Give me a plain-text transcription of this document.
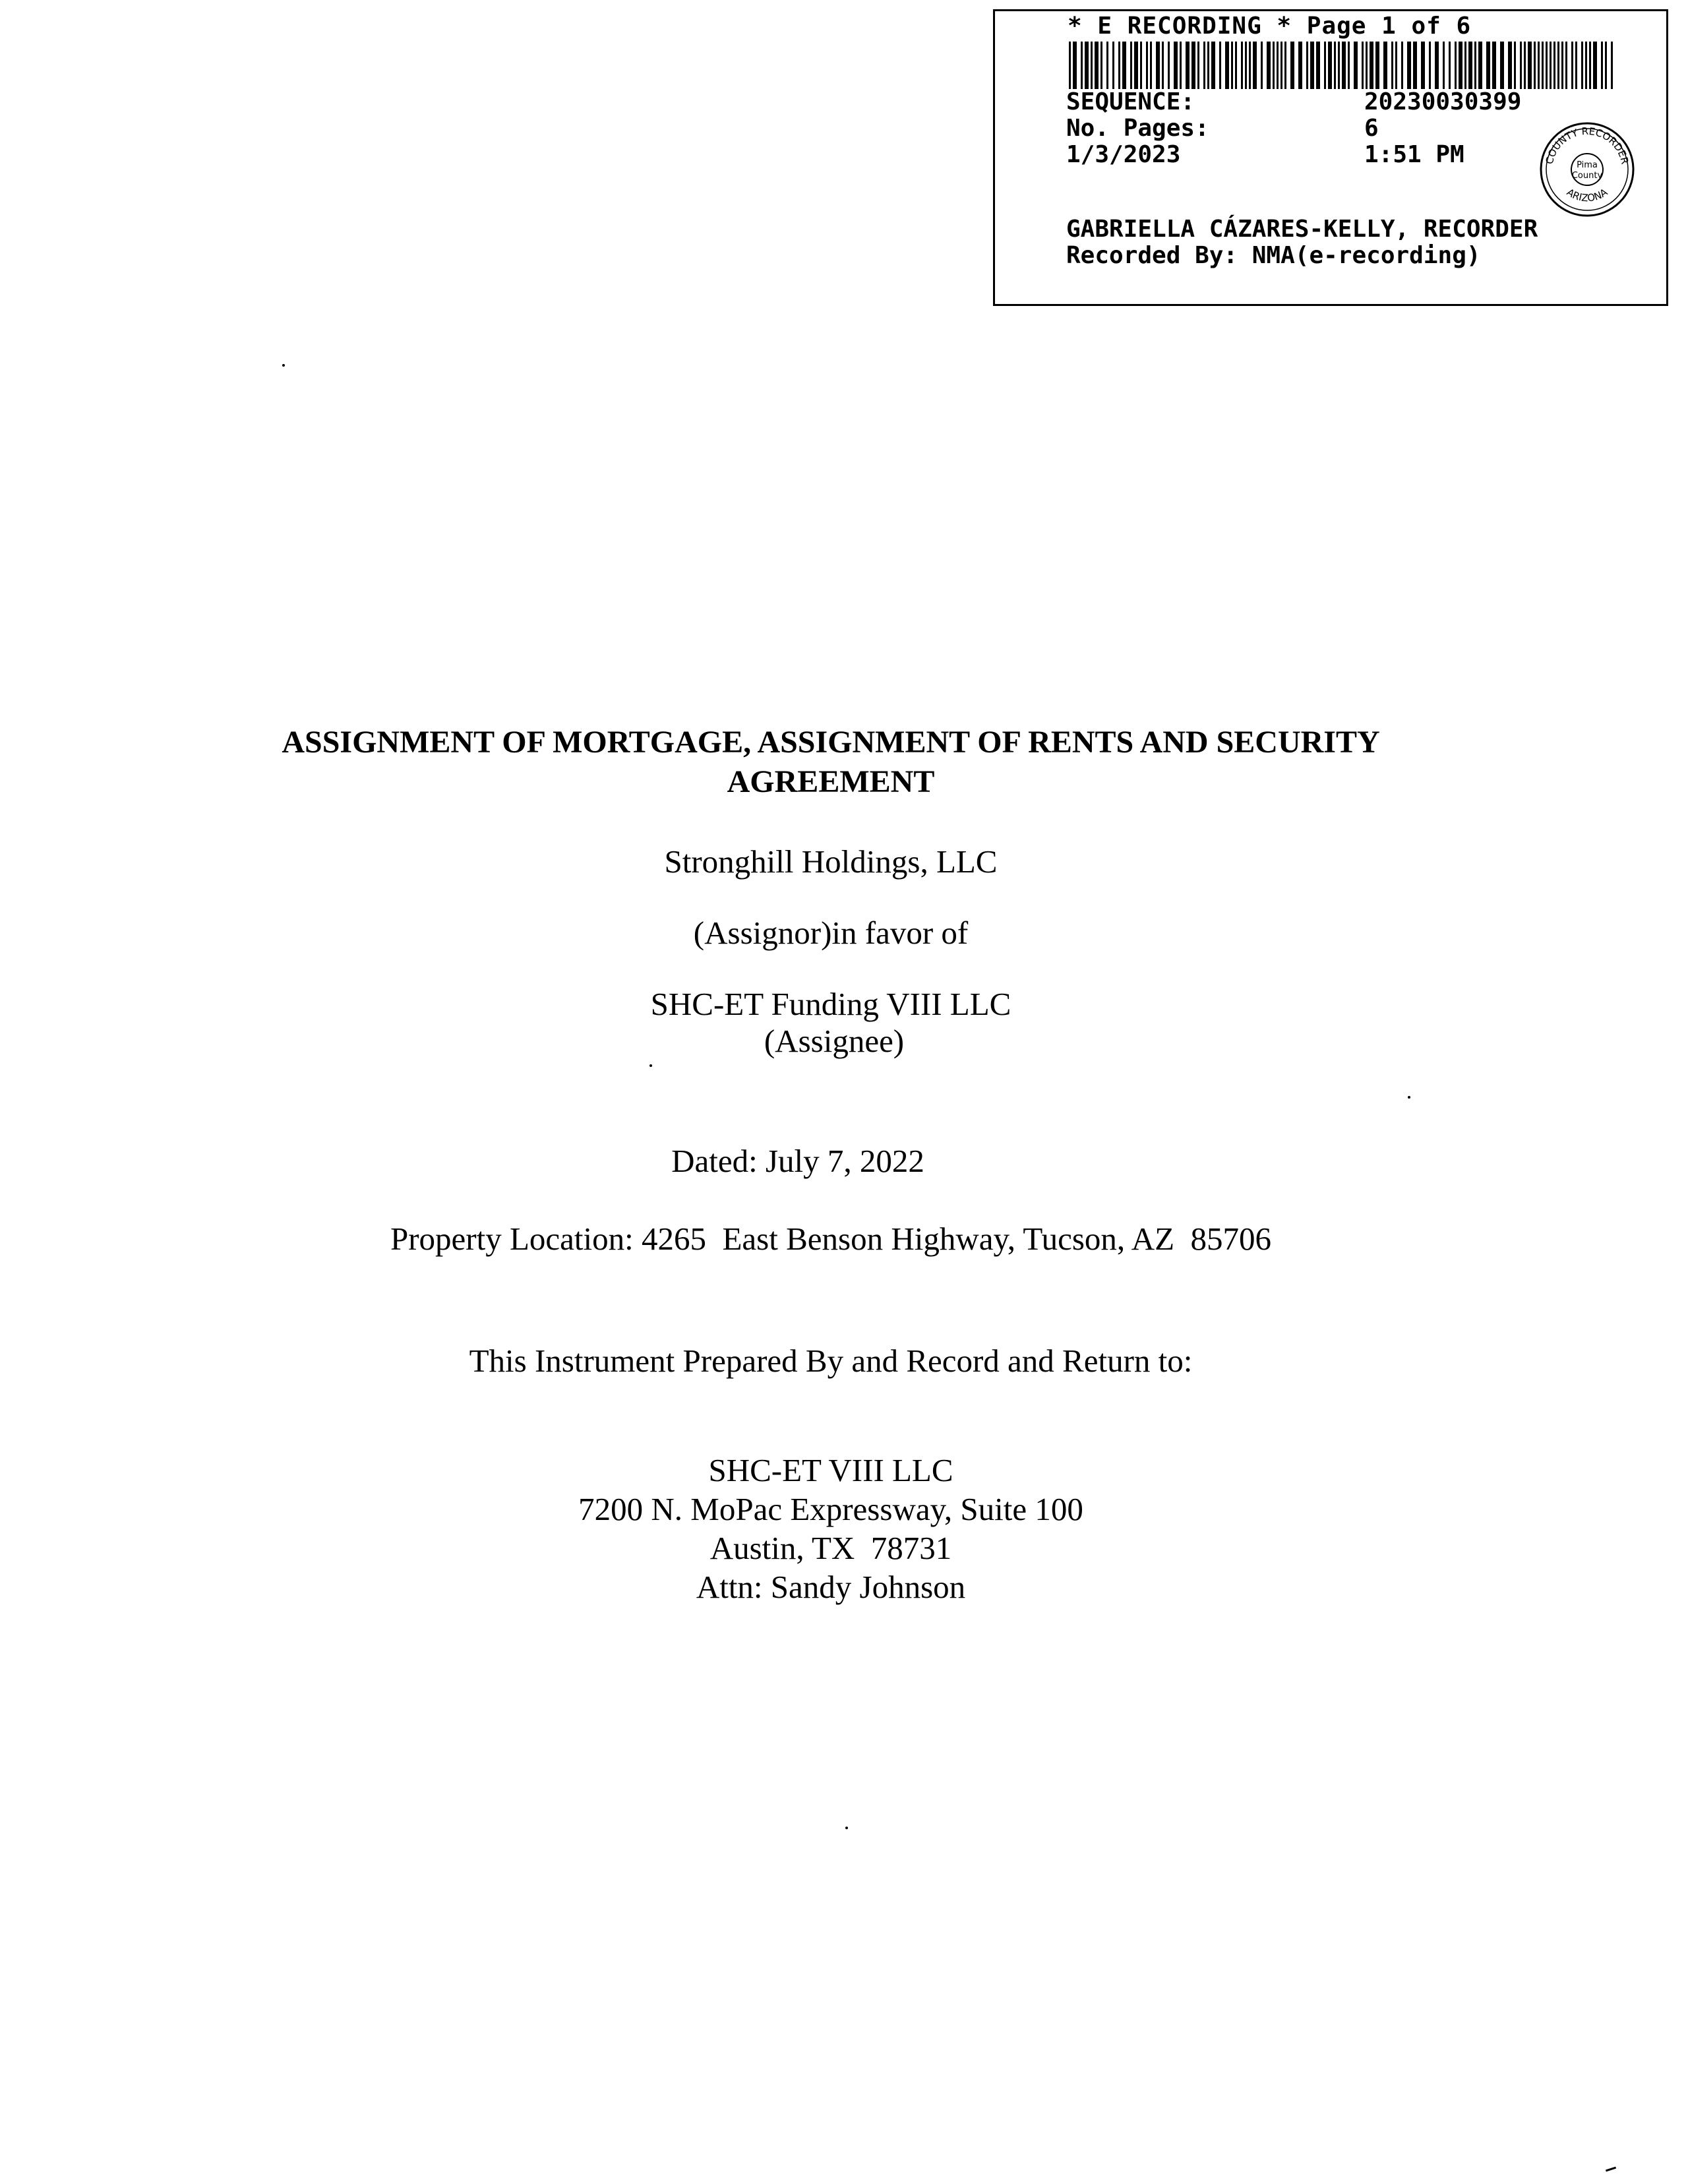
* E RECORDING * Page 1 of 6
SEQUENCE:	20230030399
No. Pages:	6
1/3/2023	1:51 PM	COUNTY RECORDER
ARIZONA
Pima
County
GABRIELLA CÁZARES-KELLY, RECORDER
Recorded By: NMA(e-recording)
ASSIGNMENT OF MORTGAGE, ASSIGNMENT OF RENTS AND SECURITY
AGREEMENT
Stronghill Holdings, LLC
(Assignor)in favor of
SHC-ET Funding VIII LLC
(Assignee)
Dated: July 7, 2022
Property Location: 4265  East Benson Highway, Tucson, AZ  85706
This Instrument Prepared By and Record and Return to:
SHC-ET VIII LLC
7200 N. MoPac Expressway, Suite 100
Austin, TX  78731
Attn: Sandy Johnson
